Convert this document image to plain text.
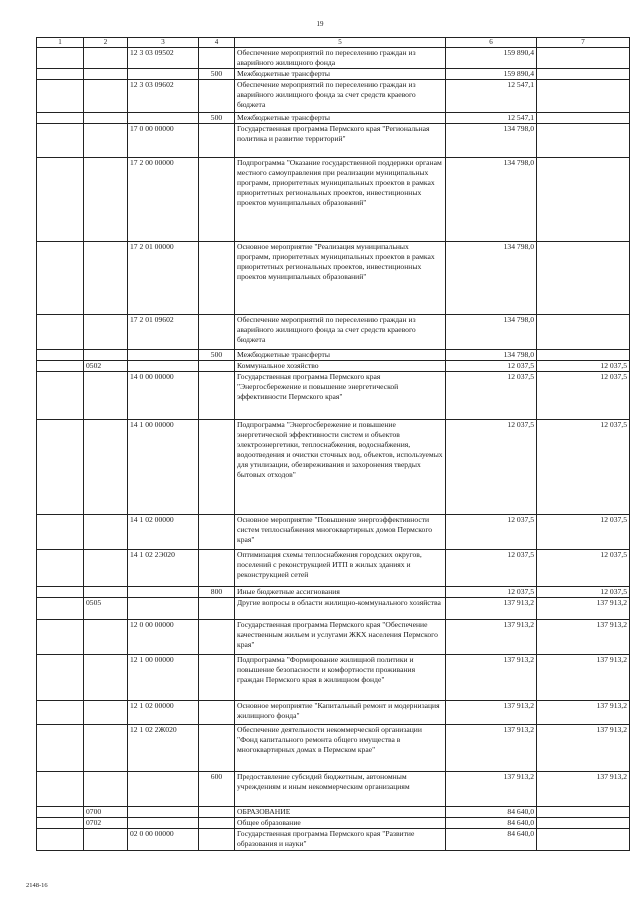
19
1	2	3	4	5	6	7
		12 3 03 09502		Обеспечение мероприятий по переселению граждан из аварийного жилищного фонда	159 890,4	
			500	Межбюджетные трансферты	159 890,4	
		12 3 03 09602		Обеспечение мероприятий по переселению граждан из аварийного жилищного фонда за счет средств краевого бюджета	12 547,1	
			500	Межбюджетные трансферты	12 547,1	
		17 0 00 00000		Государственная программа Пермского края "Региональная политика и развитие территорий"	134 798,0	
		17 2 00 00000		Подпрограмма "Оказание государственной поддержки органам местного самоуправления при реализации муниципальных программ, приоритетных муниципальных проектов в рамках приоритетных региональных проектов, инвестиционных проектов муниципальных образований"	134 798,0	
		17 2 01 00000		Основное мероприятие "Реализация муниципальных программ, приоритетных муниципальных проектов в рамках приоритетных региональных проектов, инвестиционных проектов муниципальных образований"	134 798,0	
		17 2 01 09602		Обеспечение мероприятий по переселению граждан из аварийного жилищного фонда за счет средств краевого бюджета	134 798,0	
			500	Межбюджетные трансферты	134 798,0	
	0502			Коммунальное хозяйство	12 037,5	12 037,5
		14 0 00 00000		Государственная программа Пермского края "Энергосбережение и повышение энергетической эффективности Пермского края"	12 037,5	12 037,5
		14 1 00 00000		Подпрограмма "Энергосбережение и повышение энергетической эффективности систем и объектов электроэнергетики, теплоснабжения, водоснабжения, водоотведения и очистки сточных вод, объектов, используемых для утилизации, обезвреживания и захоронения твердых бытовых отходов"	12 037,5	12 037,5
		14 1 02 00000		Основное мероприятие "Повышение энергоэффективности систем теплоснабжения многоквартирных домов Пермского края"	12 037,5	12 037,5
		14 1 02 2Э020		Оптимизация схемы теплоснабжения городских округов, поселений с реконструкцией ИТП в жилых зданиях и реконструкцией сетей	12 037,5	12 037,5
			800	Иные бюджетные ассигнования	12 037,5	12 037,5
	0505			Другие вопросы в области жилищно-коммунального хозяйства	137 913,2	137 913,2
		12 0 00 00000		Государственная программа Пермского края "Обеспечение качественным жильем и услугами ЖКХ населения Пермского края"	137 913,2	137 913,2
		12 1 00 00000		Подпрограмма "Формирование жилищной политики и повышение безопасности и комфортности проживания граждан Пермского края в жилищном фонде"	137 913,2	137 913,2
		12 1 02 00000		Основное мероприятие "Капитальный ремонт и модернизация жилищного фонда"	137 913,2	137 913,2
		12 1 02 2Ж020		Обеспечение деятельности некоммерческой организации "Фонд капитального ремонта общего имущества в многоквартирных домах в Пермском крае"	137 913,2	137 913,2
			600	Предоставление субсидий бюджетным, автономным учреждениям и иным некоммерческим организациям	137 913,2	137 913,2
	0700			ОБРАЗОВАНИЕ	84 640,0	
	0702			Общее образование	84 640,0	
		02 0 00 00000		Государственная программа Пермского края "Развитие образования и науки"	84 640,0	
2148-16
